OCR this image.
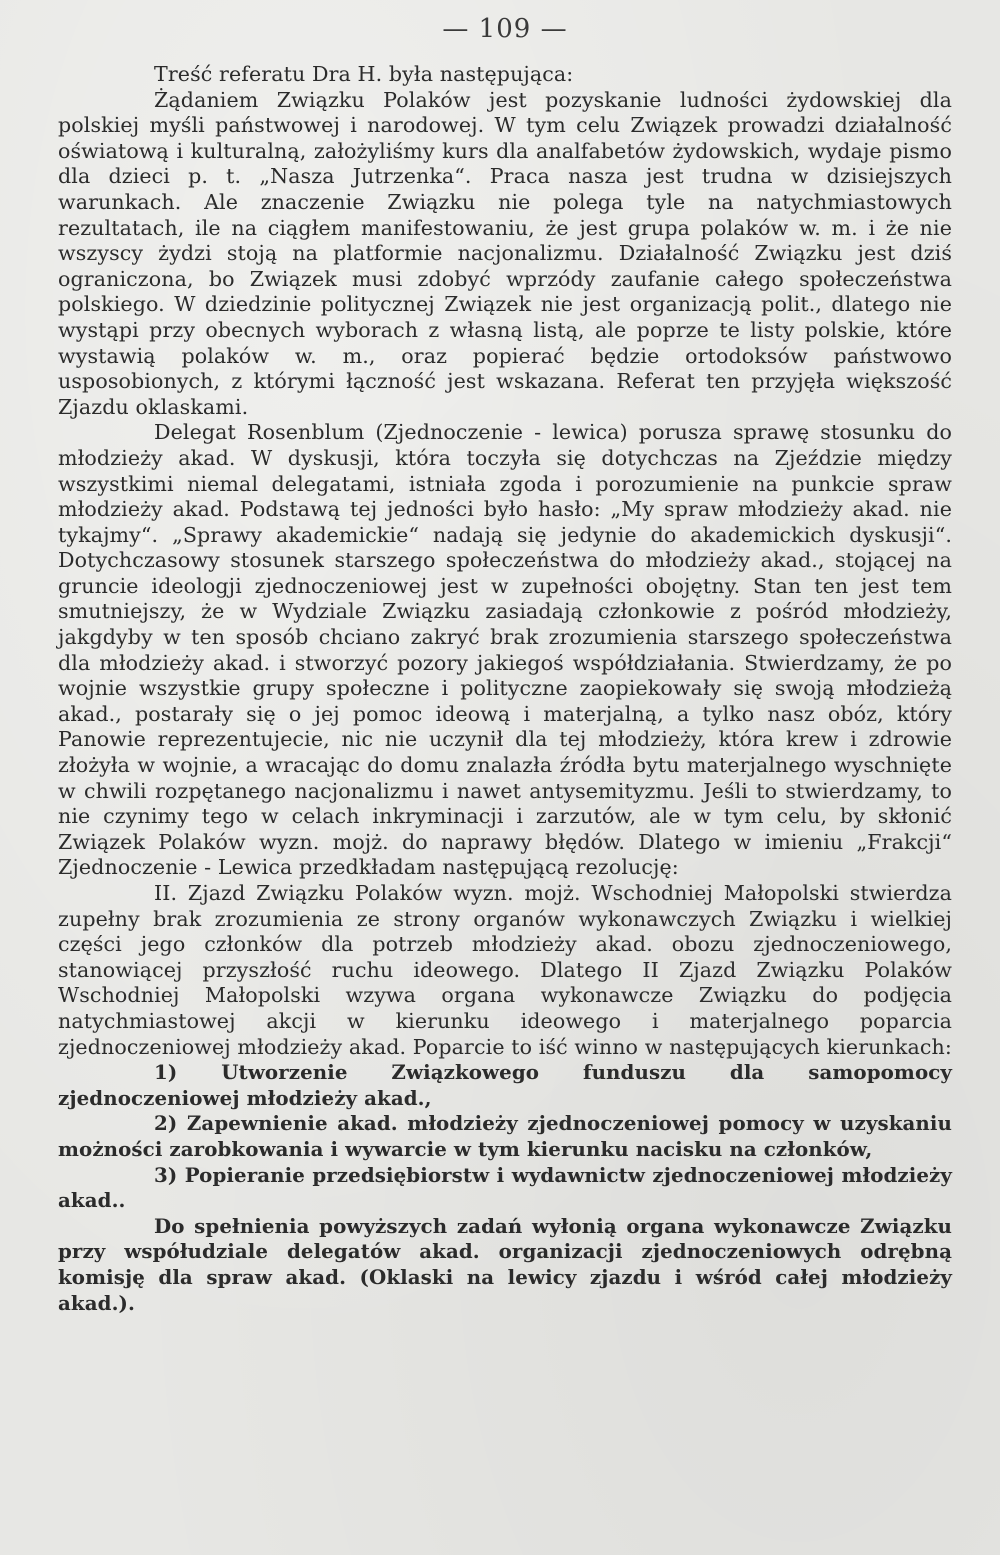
— 109 —

Treść referatu Dra H. była następująca:

Żądaniem Związku Polaków jest pozyskanie ludności żydowskiej dla polskiej myśli państwowej i narodowej. W tym celu Związek prowadzi działalność oświatową i kulturalną, założyliśmy kurs dla analfabetów żydowskich, wydaje pismo dla dzieci p. t. „Nasza Jutrzenka“. Praca nasza jest trudna w dzisiejszych warunkach. Ale znaczenie Związku nie polega tyle na natychmiastowych rezultatach, ile na ciągłem manifestowaniu, że jest grupa polaków w. m. i że nie wszyscy żydzi stoją na platformie nacjonalizmu. Działalność Związku jest dziś ograniczona, bo Związek musi zdobyć wprzódy zaufanie całego społeczeństwa polskiego. W dziedzinie politycznej Związek nie jest organizacją polit., dlatego nie wystąpi przy obecnych wyborach z własną listą, ale poprze te listy polskie, które wystawią polaków w. m., oraz popierać będzie ortodoksów państwowo usposobionych, z którymi łączność jest wskazana. Referat ten przyjęła większość Zjazdu oklaskami.

Delegat Rosenblum (Zjednoczenie - lewica) porusza sprawę stosunku do młodzieży akad. W dyskusji, która toczyła się dotychczas na Zjeździe między wszystkimi niemal delegatami, istniała zgoda i porozumienie na punkcie spraw młodzieży akad. Podstawą tej jedności było hasło: „My spraw młodzieży akad. nie tykajmy“. „Sprawy akademickie“ nadają się jedynie do akademickich dyskusji“. Dotychczasowy stosunek starszego społeczeństwa do młodzieży akad., stojącej na gruncie ideologji zjednoczeniowej jest w zupełności obojętny. Stan ten jest tem smutniejszy, że w Wydziale Związku zasiadają członkowie z pośród młodzieży, jakgdyby w ten sposób chciano zakryć brak zrozumienia starszego społeczeństwa dla młodzieży akad. i stworzyć pozory jakiegoś współdziałania. Stwierdzamy, że po wojnie wszystkie grupy społeczne i polityczne zaopiekowały się swoją młodzieżą akad., postarały się o jej pomoc ideową i materjalną, a tylko nasz obóz, który Panowie reprezentujecie, nic nie uczynił dla tej młodzieży, która krew i zdrowie złożyła w wojnie, a wracając do domu znalazła źródła bytu materjalnego wyschnięte w chwili rozpętanego nacjonalizmu i nawet antysemityzmu. Jeśli to stwierdzamy, to nie czynimy tego w celach inkryminacji i zarzutów, ale w tym celu, by skłonić Związek Polaków wyzn. mojż. do naprawy błędów. Dlatego w imieniu „Frakcji“ Zjednoczenie - Lewica przedkładam następującą rezolucję:

II. Zjazd Związku Polaków wyzn. mojż. Wschodniej Małopolski stwierdza zupełny brak zrozumienia ze strony organów wykonawczych Związku i wielkiej części jego członków dla potrzeb młodzieży akad. obozu zjednoczeniowego, stanowiącej przyszłość ruchu ideowego. Dlatego II Zjazd Związku Polaków Wschodniej Małopolski wzywa organa wykonawcze Związku do podjęcia natychmiastowej akcji w kierunku ideowego i materjalnego poparcia zjednoczeniowej młodzieży akad. Poparcie to iść winno w następujących kierunkach:

1) Utworzenie Związkowego funduszu dla samopomocy zjednoczeniowej młodzieży akad.,

2) Zapewnienie akad. młodzieży zjednoczeniowej pomocy w uzyskaniu możności zarobkowania i wywarcie w tym kierunku nacisku na członków,

3) Popieranie przedsiębiorstw i wydawnictw zjednoczeniowej młodzieży akad..

Do spełnienia powyższych zadań wyłonią organa wykonawcze Związku przy współudziale delegatów akad. organizacji zjednoczeniowych odrębną komisję dla spraw akad. (Oklaski na lewicy zjazdu i wśród całej młodzieży akad.).
